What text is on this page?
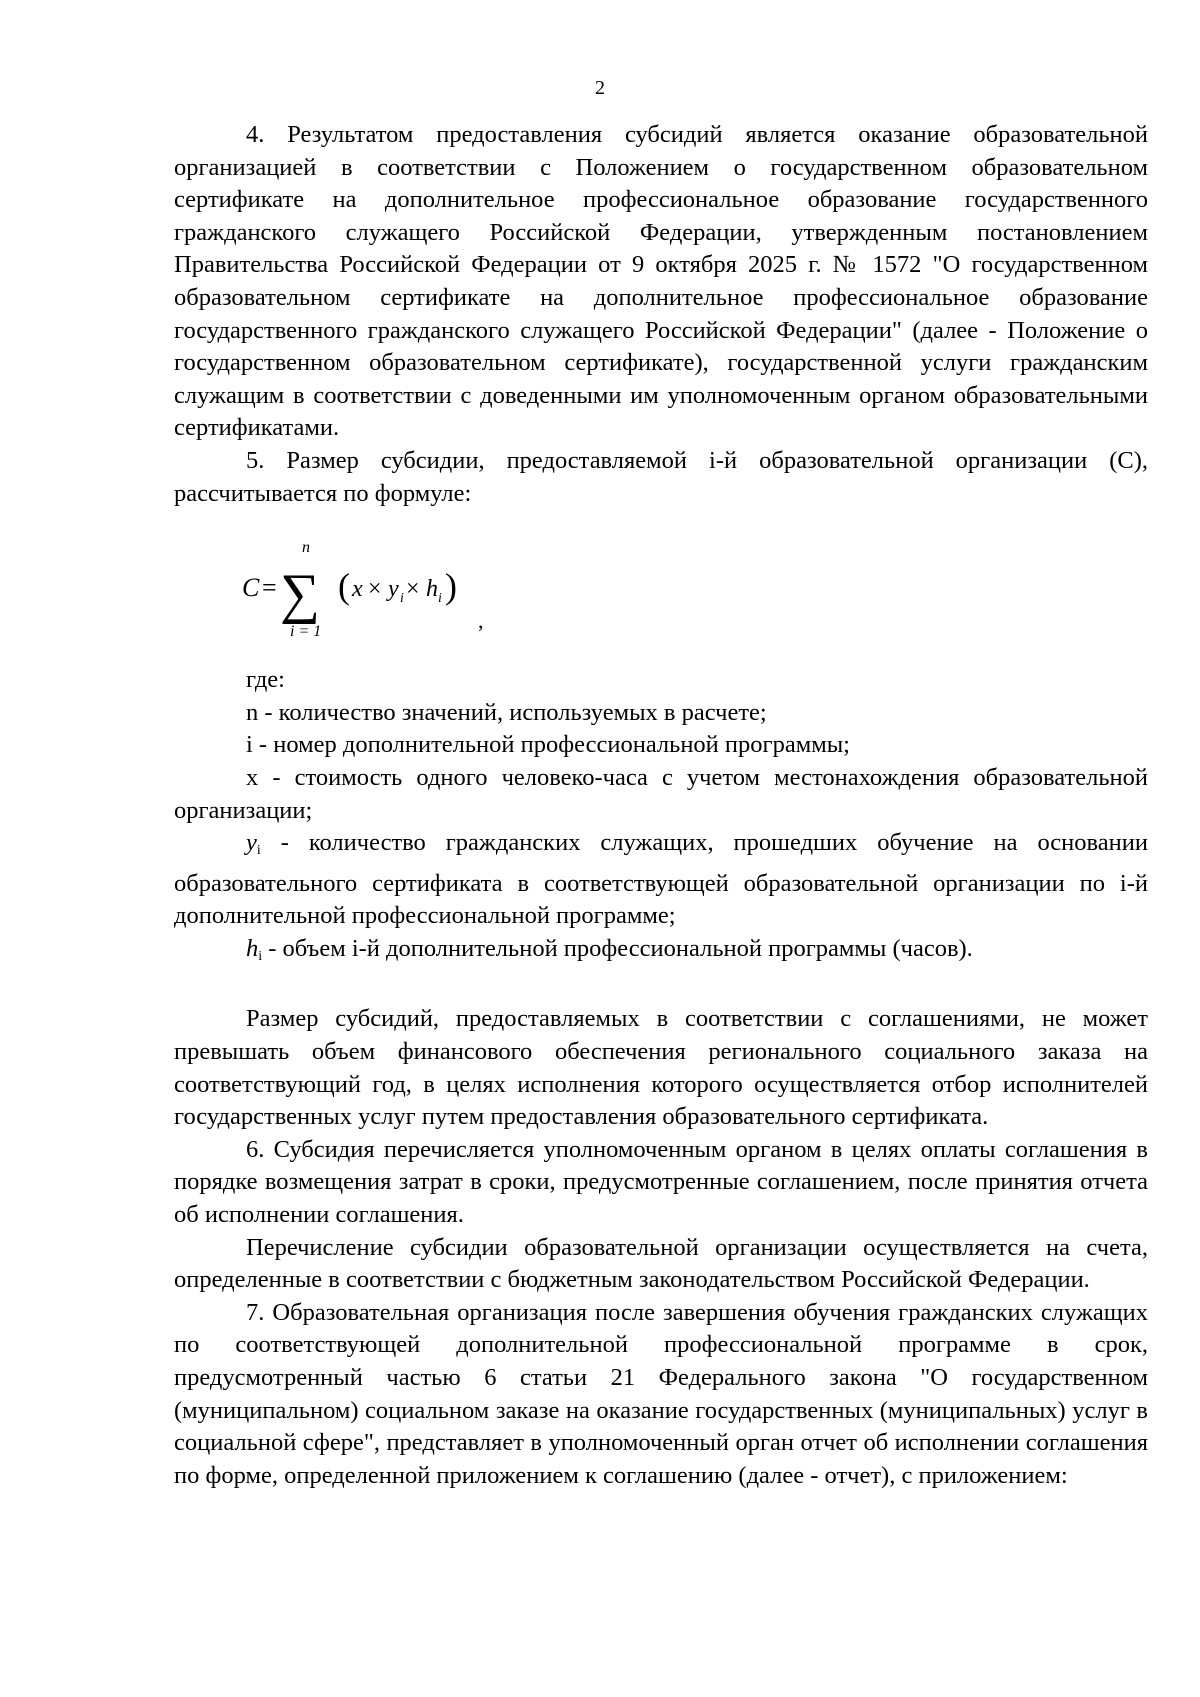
2

4. Результатом предоставления субсидий является оказание образовательной организацией в соответствии с Положением о государственном образовательном сертификате на дополнительное профессиональное образование государственного гражданского служащего Российской Федерации, утвержденным постановлением Правительства Российской Федерации от 9 октября 2025 г. № 1572 "О государственном образовательном сертификате на дополнительное профессиональное образование государственного гражданского служащего Российской Федерации" (далее - Положение о государственном образовательном сертификате), государственной услуги гражданским служащим в соответствии с доведенными им уполномоченным органом образовательными сертификатами.

5. Размер субсидии, предоставляемой i-й образовательной организации (C), рассчитывается по формуле:

C =
n
∑
i = 1
( x × y i × h i )
,

где:

n - количество значений, используемых в расчете;

i - номер дополнительной профессиональной программы;

x - стоимость одного человеко-часа с учетом местонахождения образовательной организации;

$y_i$ - количество гражданских служащих, прошедших обучение на основании образовательного сертификата в соответствующей образовательной организации по i-й дополнительной профессиональной программе;

$h_i$ - объем i-й дополнительной профессиональной программы (часов).

Размер субсидий, предоставляемых в соответствии с соглашениями, не может превышать объем финансового обеспечения регионального социального заказа на соответствующий год, в целях исполнения которого осуществляется отбор исполнителей государственных услуг путем предоставления образовательного сертификата.

6. Субсидия перечисляется уполномоченным органом в целях оплаты соглашения в порядке возмещения затрат в сроки, предусмотренные соглашением, после принятия отчета об исполнении соглашения.

Перечисление субсидии образовательной организации осуществляется на счета, определенные в соответствии с бюджетным законодательством Российской Федерации.

7. Образовательная организация после завершения обучения гражданских служащих по соответствующей дополнительной профессиональной программе в срок, предусмотренный частью 6 статьи 21 Федерального закона "О государственном (муниципальном) социальном заказе на оказание государственных (муниципальных) услуг в социальной сфере", представляет в уполномоченный орган отчет об исполнении соглашения по форме, определенной приложением к соглашению (далее - отчет), с приложением:
